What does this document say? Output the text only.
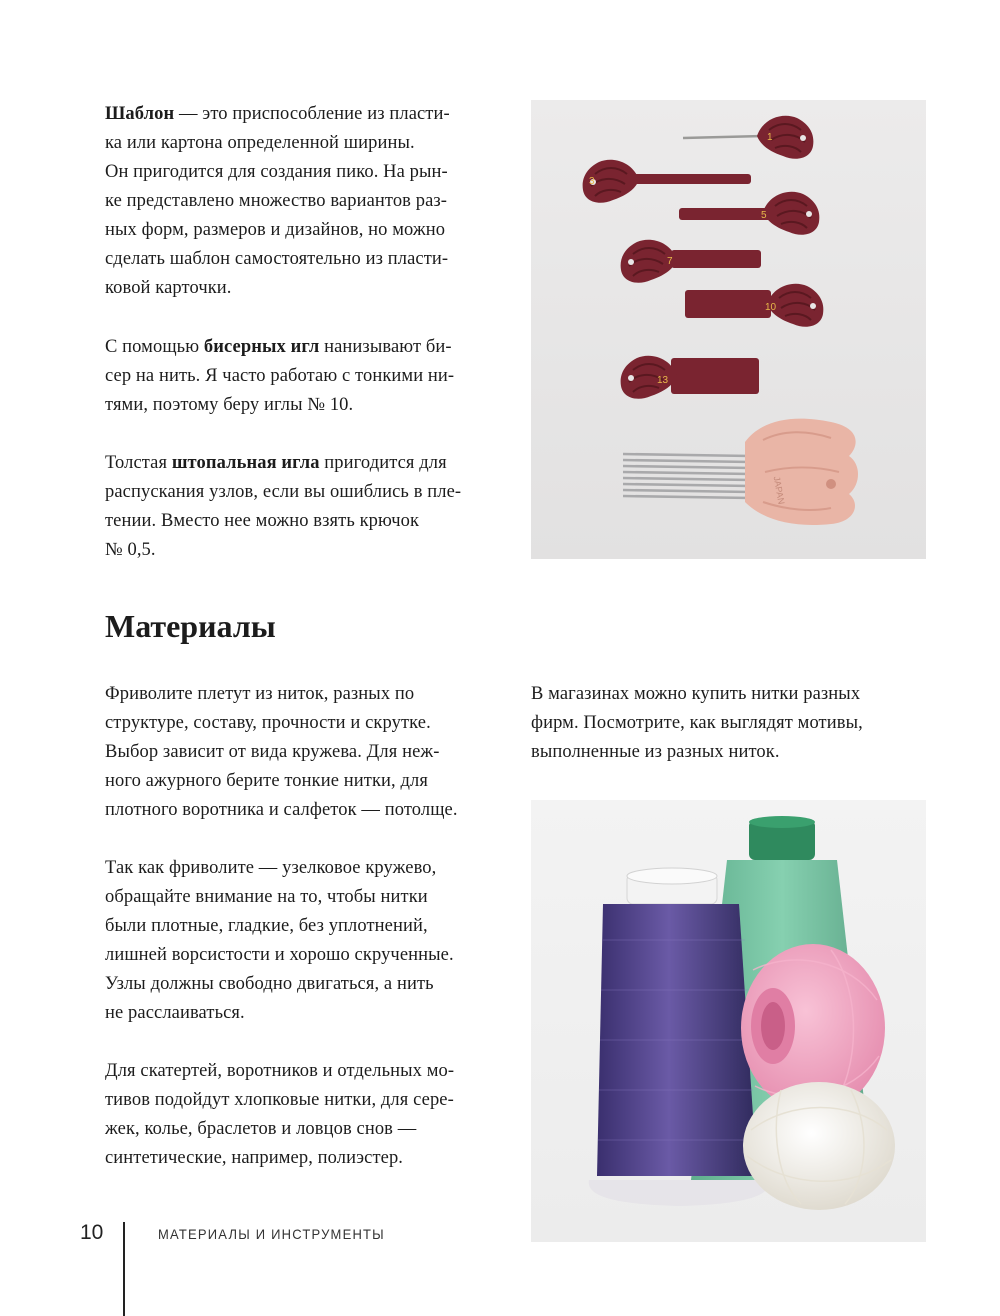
Шаблон — это приспособление из пласти-
ка или картона определенной ширины.
Он пригодится для создания пико. На рын-
ке представлено множество вариантов раз-
ных форм, размеров и дизайнов, но можно
сделать шаблон самостоятельно из пласти-
ковой карточки.

С помощью бисерных игл нанизывают би-
сер на нить. Я часто работаю с тонкими ни-
тями, поэтому беру иглы № 10.

Толстая штопальная игла пригодится для
распускания узлов, если вы ошиблись в пле-
тении. Вместо нее можно взять крючок
№ 0,5.

1
3
5
7
10
13
JAPAN
Материалы

Фриволите плетут из ниток, разных по
структуре, составу, прочности и скрутке.
Выбор зависит от вида кружева. Для неж-
ного ажурного берите тонкие нитки, для
плотного воротника и салфеток — потолще.

Так как фриволите — узелковое кружево,
обращайте внимание на то, чтобы нитки
были плотные, гладкие, без уплотнений,
лишней ворсистости и хорошо скрученные.
Узлы должны свободно двигаться, а нить
не расслаиваться.

Для скатертей, воротников и отдельных мо-
тивов подойдут хлопковые нитки, для сере-
жек, колье, браслетов и ловцов снов —
синтетические, например, полиэстер.

В магазинах можно купить нитки разных
фирм. Посмотрите, как выглядят мотивы,
выполненные из разных ниток.

10	МАТЕРИАЛЫ И ИНСТРУМЕНТЫ
